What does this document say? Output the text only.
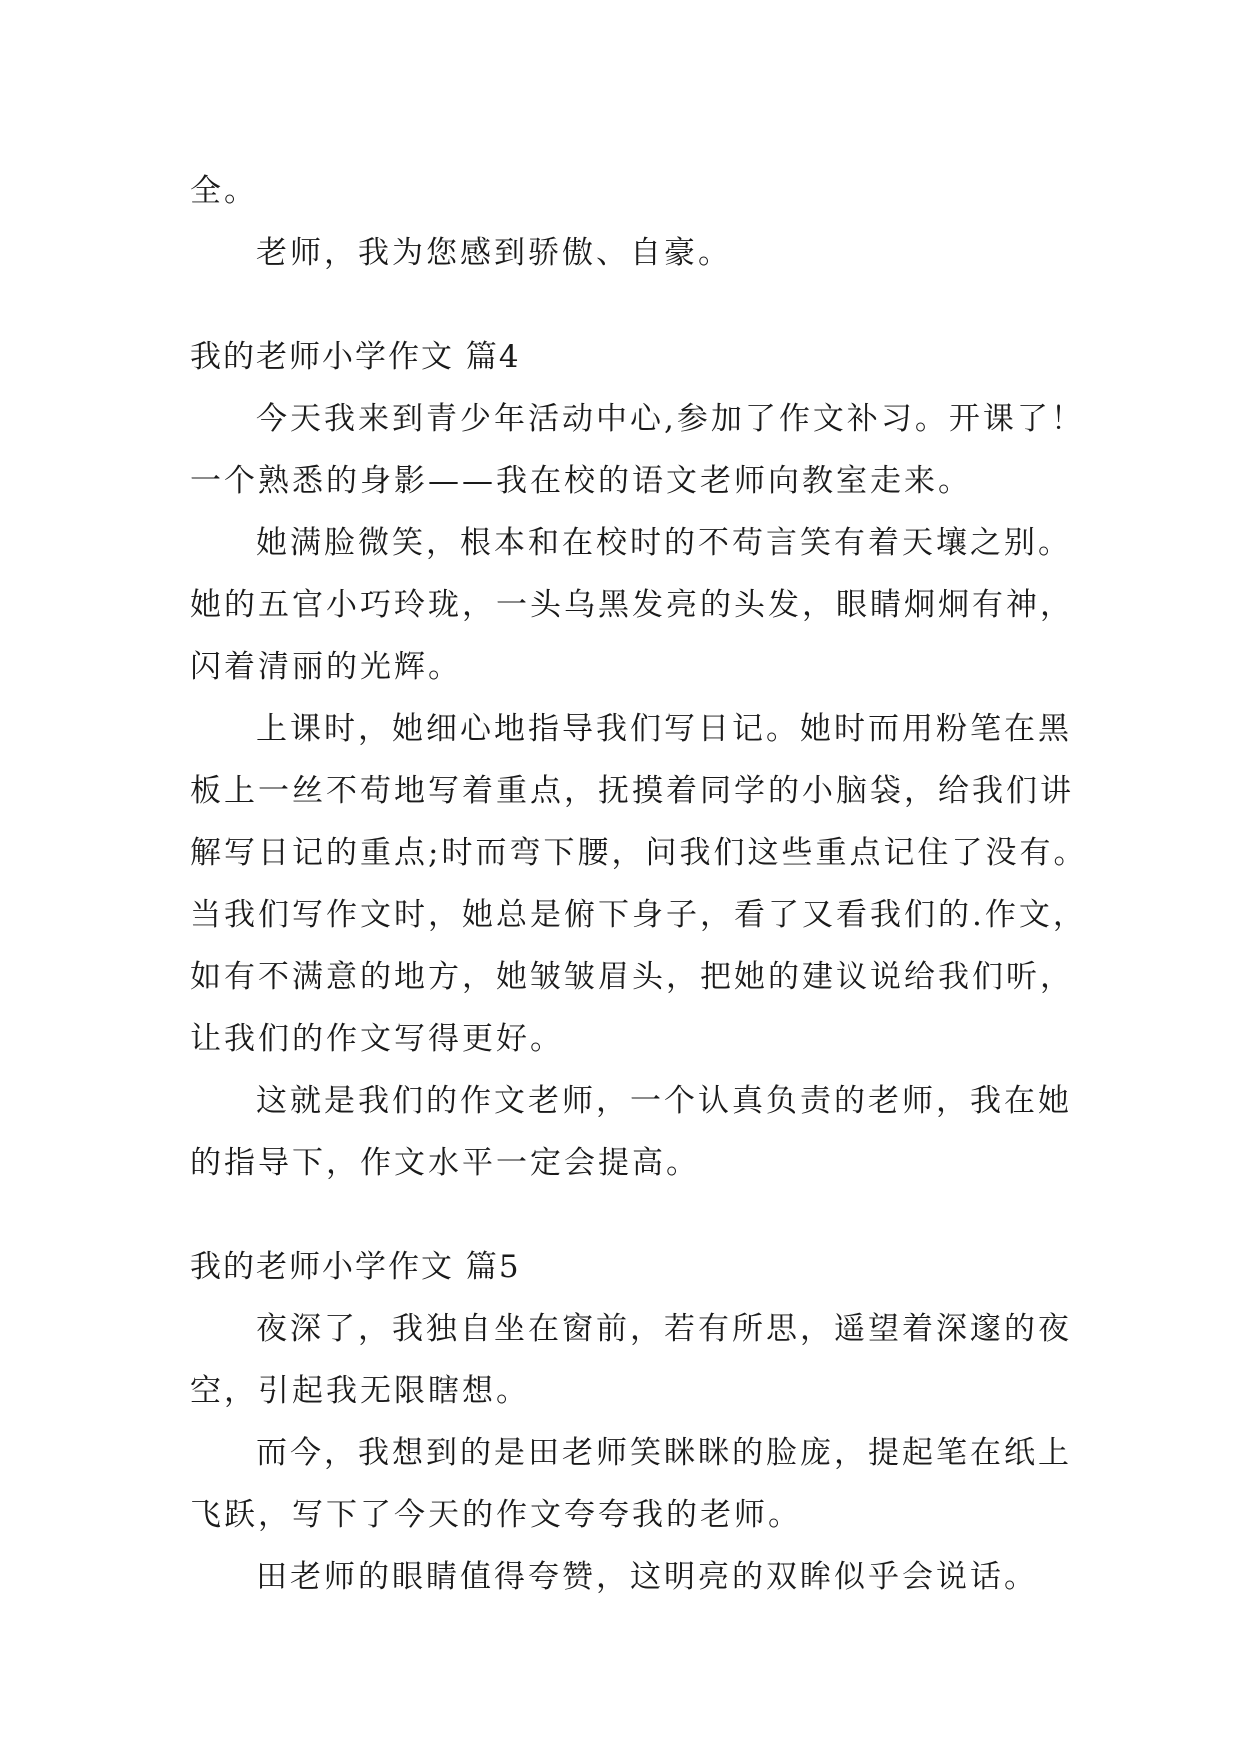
全。
老师，我为您感到骄傲、自豪。
我的老师小学作文 篇4
今天我来到青少年活动中心,参加了作文补习。开课了！
一个熟悉的身影——我在校的语文老师向教室走来。
她满脸微笑，根本和在校时的不苟言笑有着天壤之别。
她的五官小巧玲珑，一头乌黑发亮的头发，眼睛炯炯有神，
闪着清丽的光辉。
上课时，她细心地指导我们写日记。她时而用粉笔在黑
板上一丝不苟地写着重点，抚摸着同学的小脑袋，给我们讲
解写日记的重点;时而弯下腰，问我们这些重点记住了没有。
当我们写作文时，她总是俯下身子，看了又看我们的.作文，
如有不满意的地方，她皱皱眉头，把她的建议说给我们听，
让我们的作文写得更好。
这就是我们的作文老师，一个认真负责的老师，我在她
的指导下，作文水平一定会提高。
我的老师小学作文 篇5
夜深了，我独自坐在窗前，若有所思，遥望着深邃的夜
空，引起我无限瞎想。
而今，我想到的是田老师笑眯眯的脸庞，提起笔在纸上
飞跃，写下了今天的作文夸夸我的老师。
田老师的眼睛值得夸赞，这明亮的双眸似乎会说话。
